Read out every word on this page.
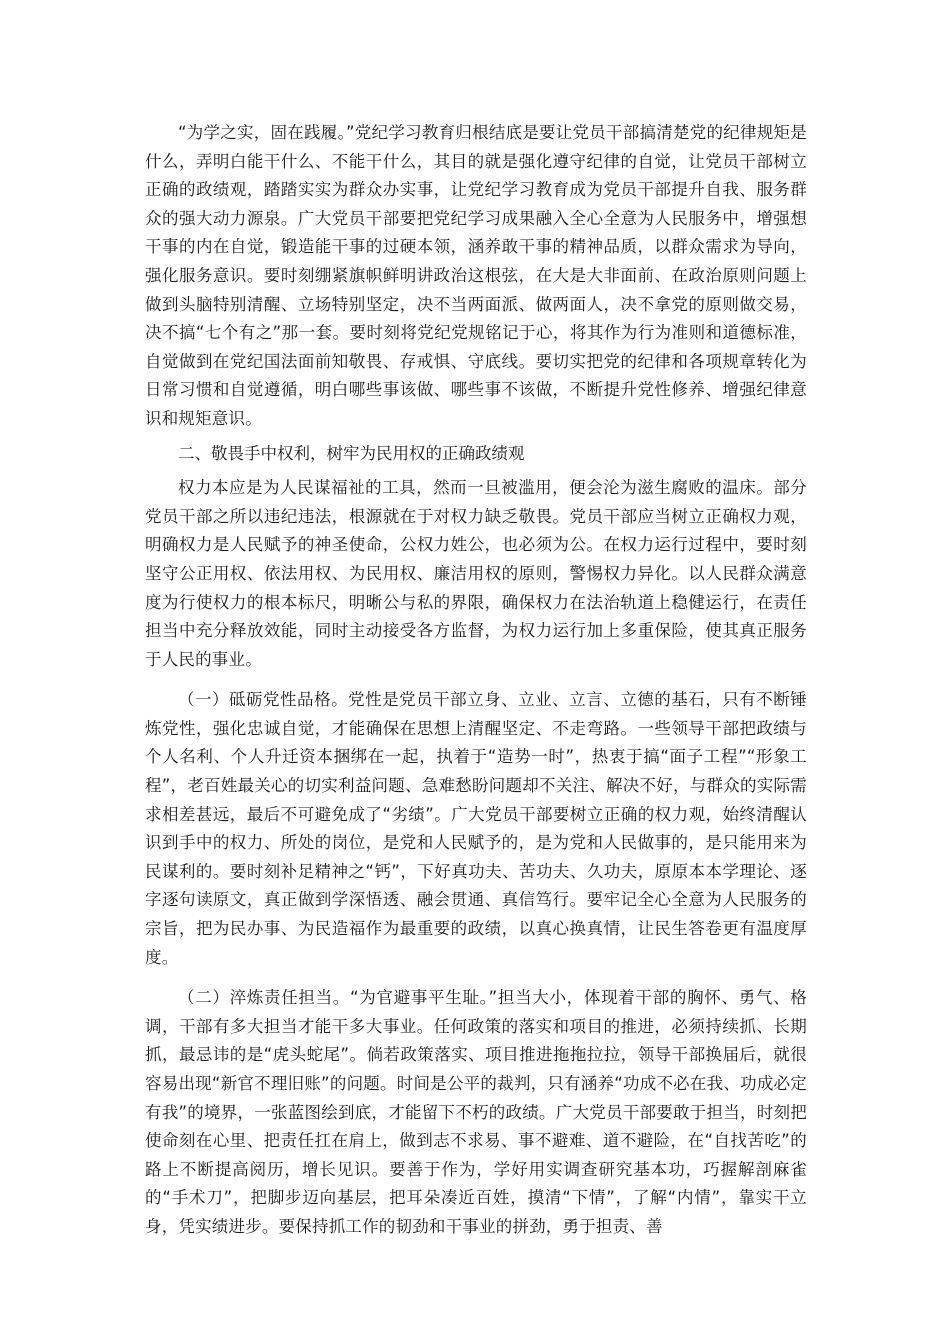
“为学之实，固在践履。”党纪学习教育归根结底是要让党员干部搞清楚党的纪律规矩是什么，弄明白能干什么、不能干什么，其目的就是强化遵守纪律的自觉，让党员干部树立正确的政绩观，踏踏实实为群众办实事，让党纪学习教育成为党员干部提升自我、服务群众的强大动力源泉。广大党员干部要把党纪学习成果融入全心全意为人民服务中，增强想干事的内在自觉，锻造能干事的过硬本领，涵养敢干事的精神品质，以群众需求为导向，强化服务意识。要时刻绷紧旗帜鲜明讲政治这根弦，在大是大非面前、在政治原则问题上做到头脑特别清醒、立场特别坚定，决不当两面派、做两面人，决不拿党的原则做交易，决不搞“七个有之”那一套。要时刻将党纪党规铭记于心，将其作为行为准则和道德标准，自觉做到在党纪国法面前知敬畏、存戒惧、守底线。要切实把党的纪律和各项规章转化为日常习惯和自觉遵循，明白哪些事该做、哪些事不该做，不断提升党性修养、增强纪律意识和规矩意识。

二、敬畏手中权利，树牢为民用权的正确政绩观

权力本应是为人民谋福祉的工具，然而一旦被滥用，便会沦为滋生腐败的温床。部分党员干部之所以违纪违法，根源就在于对权力缺乏敬畏。党员干部应当树立正确权力观，明确权力是人民赋予的神圣使命，公权力姓公，也必须为公。在权力运行过程中，要时刻坚守公正用权、依法用权、为民用权、廉洁用权的原则，警惕权力异化。以人民群众满意度为行使权力的根本标尺，明晰公与私的界限，确保权力在法治轨道上稳健运行，在责任担当中充分释放效能，同时主动接受各方监督，为权力运行加上多重保险，使其真正服务于人民的事业。

（一）砥砺党性品格。党性是党员干部立身、立业、立言、立德的基石，只有不断锤炼党性，强化忠诚自觉，才能确保在思想上清醒坚定、不走弯路。一些领导干部把政绩与个人名利、个人升迁资本捆绑在一起，执着于“造势一时”，热衷于搞“面子工程”“形象工程”，老百姓最关心的切实利益问题、急难愁盼问题却不关注、解决不好，与群众的实际需求相差甚远，最后不可避免成了“劣绩”。广大党员干部要树立正确的权力观，始终清醒认识到手中的权力、所处的岗位，是党和人民赋予的，是为党和人民做事的，是只能用来为民谋利的。要时刻补足精神之“钙”，下好真功夫、苦功夫、久功夫，原原本本学理论、逐字逐句读原文，真正做到学深悟透、融会贯通、真信笃行。要牢记全心全意为人民服务的宗旨，把为民办事、为民造福作为最重要的政绩，以真心换真情，让民生答卷更有温度厚度。

（二）淬炼责任担当。“为官避事平生耻。”担当大小，体现着干部的胸怀、勇气、格调，干部有多大担当才能干多大事业。任何政策的落实和项目的推进，必须持续抓、长期抓，最忌讳的是“虎头蛇尾”。倘若政策落实、项目推进拖拖拉拉，领导干部换届后，就很容易出现“新官不理旧账”的问题。时间是公平的裁判，只有涵养“功成不必在我、功成必定有我”的境界，一张蓝图绘到底，才能留下不朽的政绩。广大党员干部要敢于担当，时刻把使命刻在心里、把责任扛在肩上，做到志不求易、事不避难、道不避险，在“自找苦吃”的路上不断提高阅历，增长见识。要善于作为，学好用实调查研究基本功，巧握解剖麻雀的“手术刀”，把脚步迈向基层，把耳朵凑近百姓，摸清“下情”，了解“内情”，靠实干立身，凭实绩进步。要保持抓工作的韧劲和干事业的拼劲，勇于担责、善
